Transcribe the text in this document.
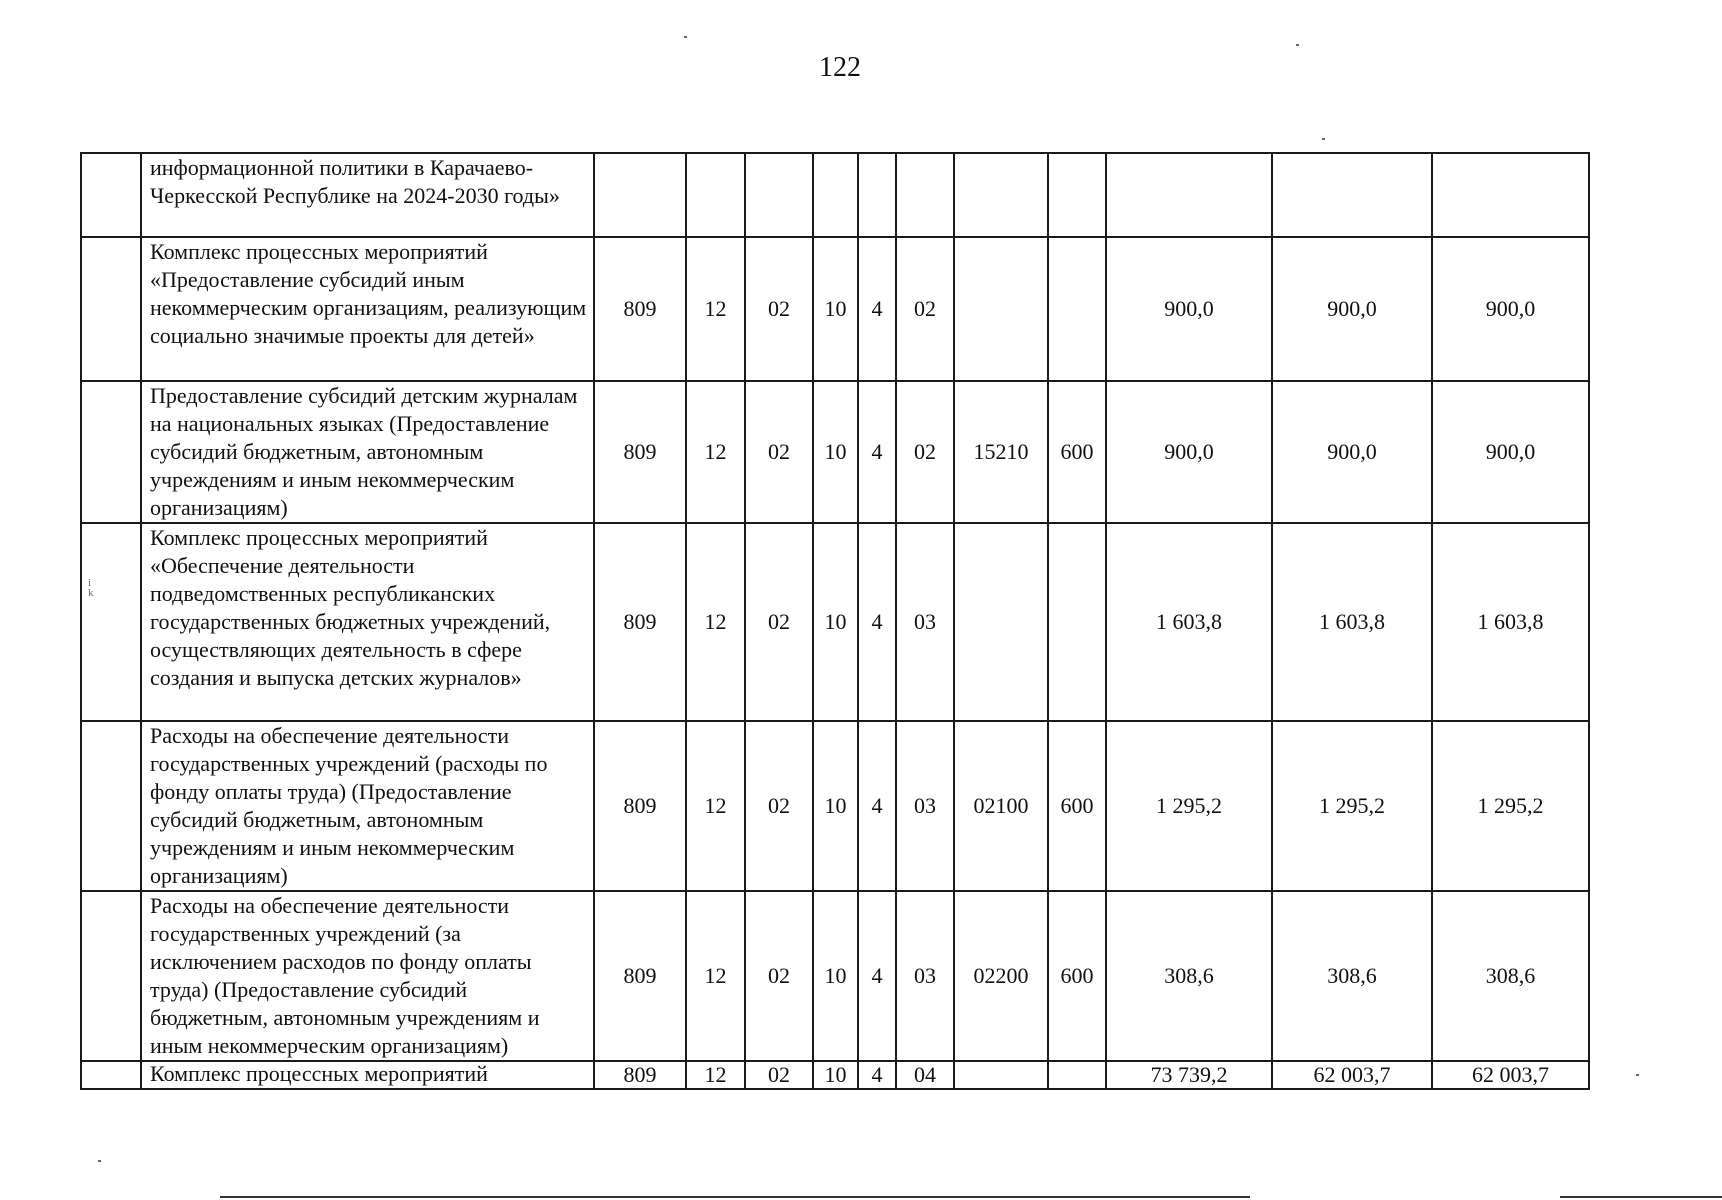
122
	информационной политики в Карачаево-Черкесской Республике на 2024-2030 годы»											
	Комплекс процессных мероприятий «Предоставление субсидий иным некоммерческим организациям, реализующим социально значимые проекты для детей»	809	12	02	10	4	02			900,0	900,0	900,0
	Предоставление субсидий детским журналам на национальных языках (Предоставление субсидий бюджетным, автономным учреждениям и иным некоммерческим организациям)	809	12	02	10	4	02	15210	600	900,0	900,0	900,0
	Комплекс процессных мероприятий «Обеспечение деятельности подведомственных республиканских государственных бюджетных учреждений, осуществляющих деятельность в сфере создания и выпуска детских журналов»	809	12	02	10	4	03			1 603,8	1 603,8	1 603,8
	Расходы на обеспечение деятельности государственных учреждений (расходы по фонду оплаты труда) (Предоставление субсидий бюджетным, автономным учреждениям и иным некоммерческим организациям)	809	12	02	10	4	03	02100	600	1 295,2	1 295,2	1 295,2
	Расходы на обеспечение деятельности государственных учреждений (за исключением расходов по фонду оплаты труда) (Предоставление субсидий бюджетным, автономным учреждениям и иным некоммерческим организациям)	809	12	02	10	4	03	02200	600	308,6	308,6	308,6
	Комплекс процессных мероприятий	809	12	02	10	4	04			73 739,2	62 003,7	62 003,7
i
k
